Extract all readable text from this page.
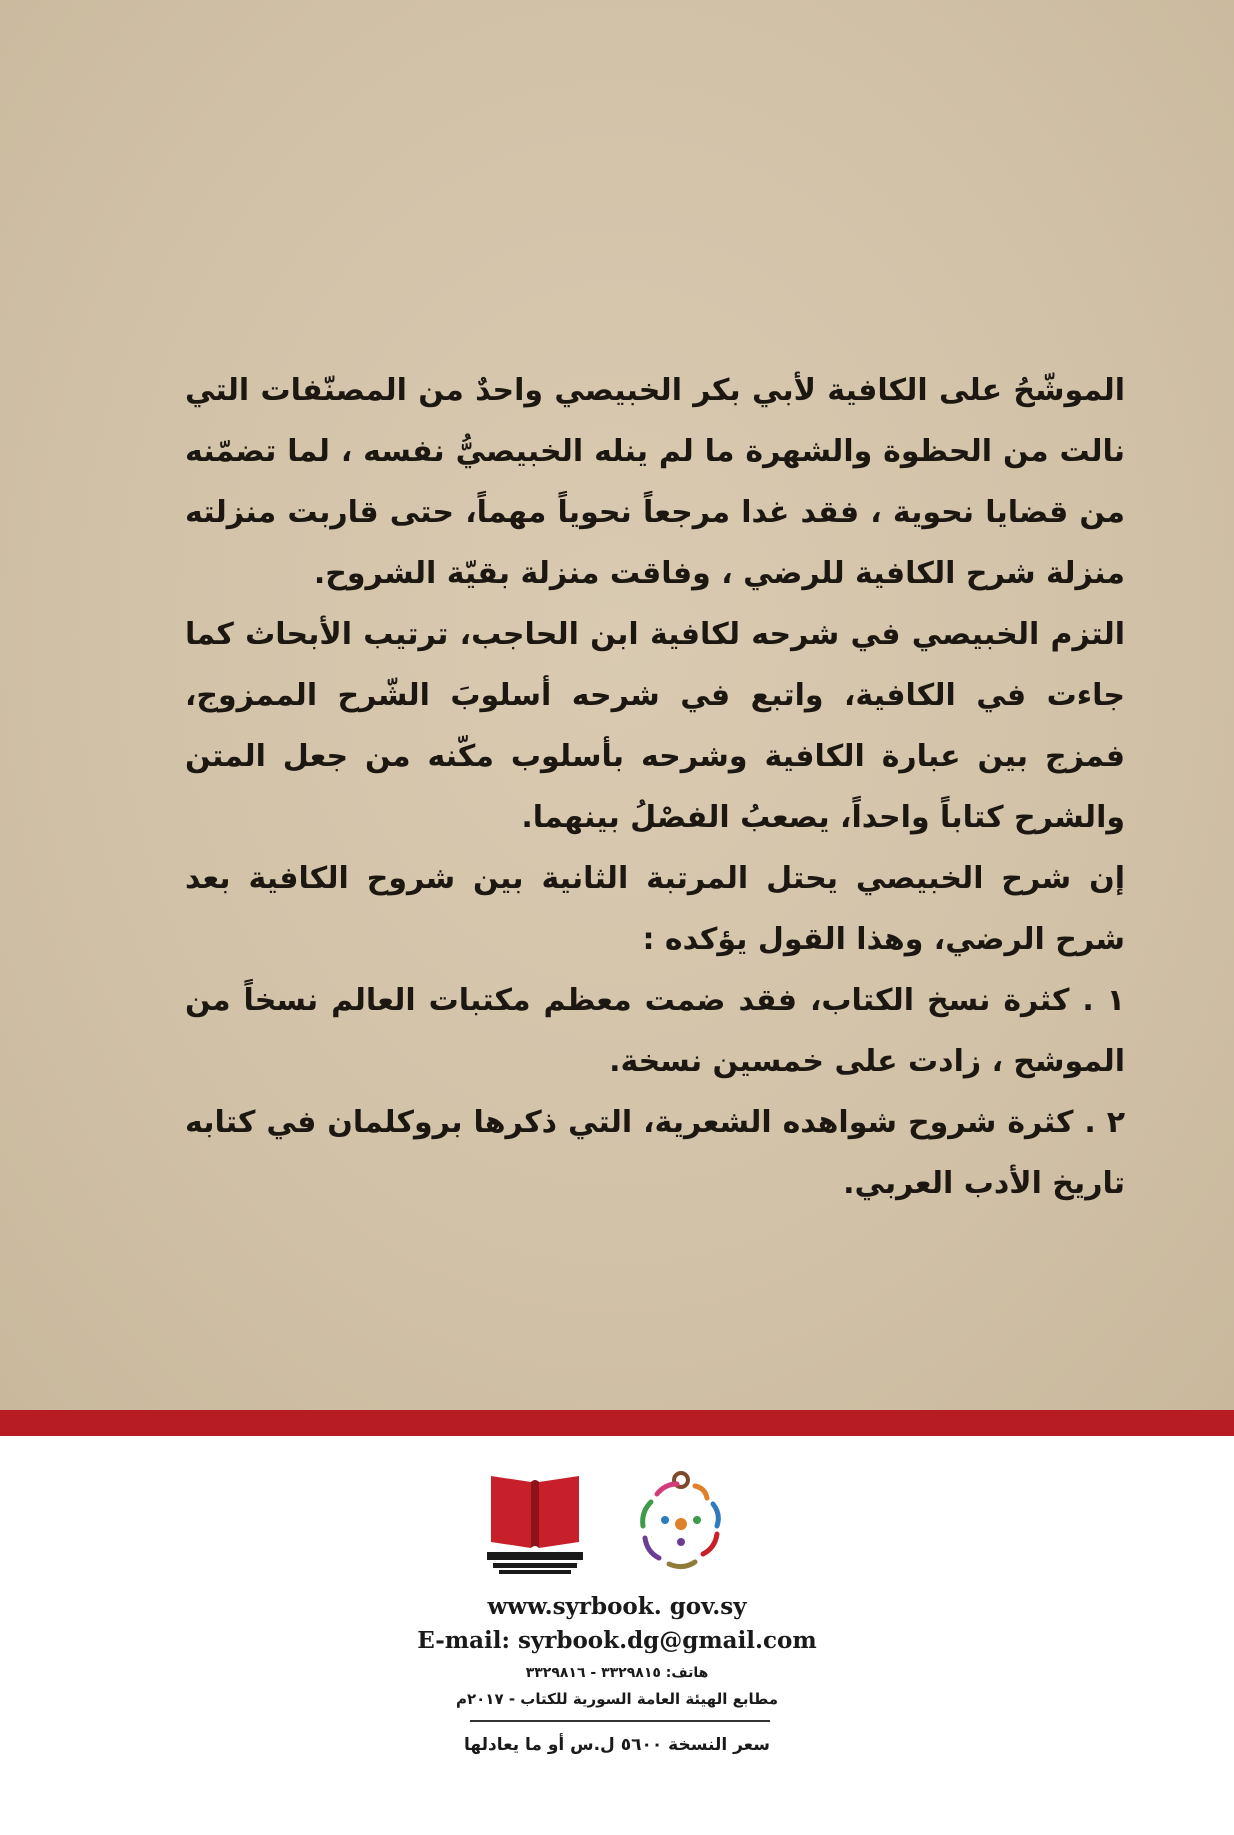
الموشّحُ على الكافية لأبي بكر الخبيصي واحدٌ من المصنّفات التي نالت من الحظوة والشهرة ما لم ينله الخبيصيُّ نفسه ، لما تضمّنه من قضايا نحوية ، فقد غدا مرجعاً نحوياً مهماً، حتى قاربت منزلته منزلة شرح الكافية للرضي ، وفاقت منزلة بقيّة الشروح.

التزم الخبيصي في شرحه لكافية ابن الحاجب، ترتيب الأبحاث كما جاءت في الكافية، واتبع في شرحه أسلوبَ الشّرح الممزوج، فمزج بين عبارة الكافية وشرحه بأسلوب مكّنه من جعل المتن والشرح كتاباً واحداً، يصعبُ الفصْلُ بينهما.

إن شرح الخبيصي يحتل المرتبة الثانية بين شروح الكافية بعد شرح الرضي، وهذا القول يؤكده :

١ . كثرة نسخ الكتاب، فقد ضمت معظم مكتبات العالم نسخاً من الموشح ، زادت على خمسين نسخة.

٢ . كثرة شروح شواهده الشعرية، التي ذكرها بروكلمان في كتابه تاريخ الأدب العربي.

www.syrbook. gov.sy
E-mail: syrbook.dg@gmail.com
هاتف: ٣٣٢٩٨١٥ - ٣٣٢٩٨١٦
مطابع الهيئة العامة السورية للكتاب - ٢٠١٧م
سعر النسخة ٥٦٠٠ ل.س أو ما يعادلها
